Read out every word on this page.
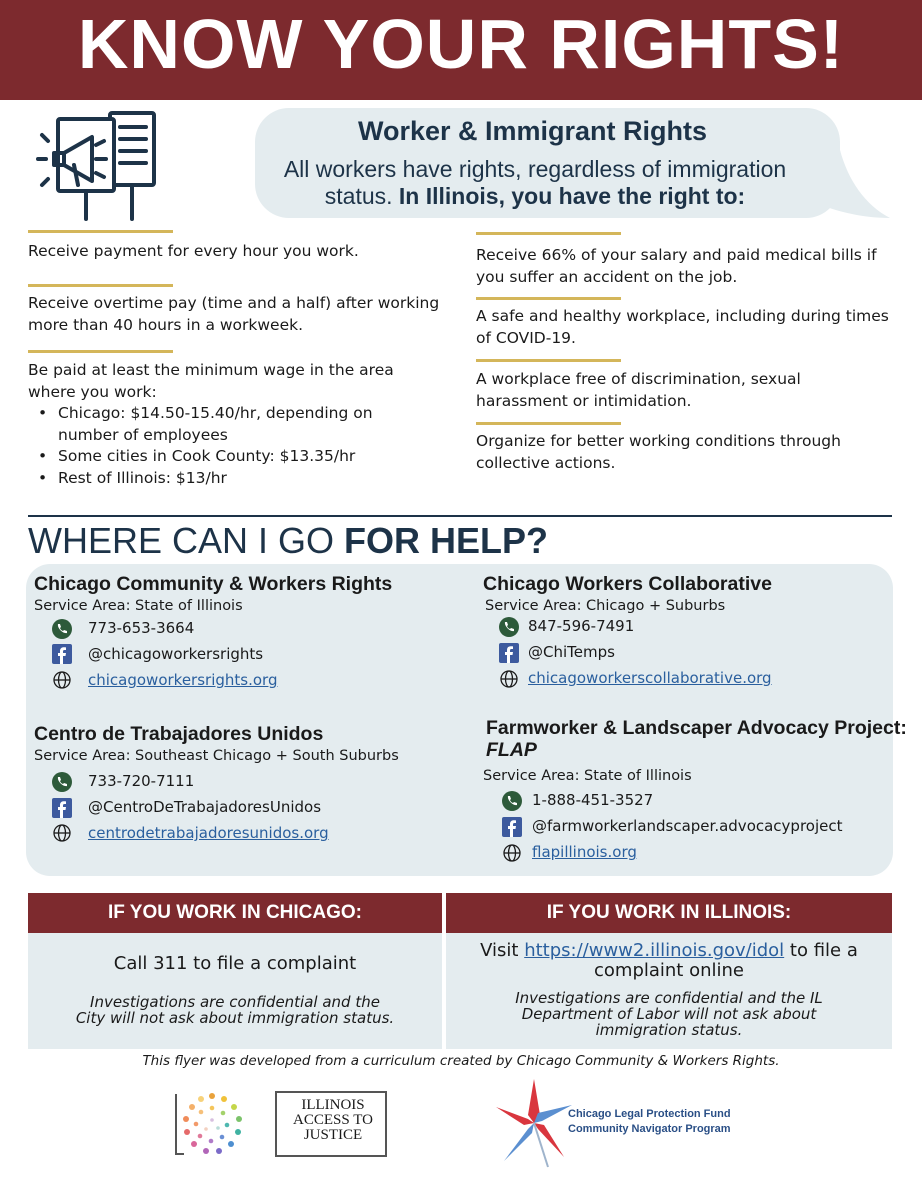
KNOW YOUR RIGHTS!
Worker & Immigrant Rights
All workers have rights, regardless of immigration
status. In Illinois, you have the right to:
Receive payment for every hour you work.
Receive overtime pay (time and a half) after working more than 40 hours in a workweek.
Be paid at least the minimum wage in the area where you work:
• Chicago: $14.50-15.40/hr, depending on number of employees
• Some cities in Cook County: $13.35/hr
• Rest of Illinois: $13/hr
Receive 66% of your salary and paid medical bills if you suffer an accident on the job.
A safe and healthy workplace, including during times of COVID-19.
A workplace free of discrimination, sexual harassment or intimidation.
Organize for better working conditions through collective actions.
WHERE CAN I GO FOR HELP?
Chicago Community & Workers Rights
Service Area: State of Illinois
773-653-3664
@chicagoworkersrights
chicagoworkersrights.org
Chicago Workers Collaborative
Service Area: Chicago + Suburbs
847-596-7491
@ChiTemps
chicagoworkerscollaborative.org
Centro de Trabajadores Unidos
Service Area: Southeast Chicago + South Suburbs
733-720-7111
@CentroDeTrabajadoresUnidos
centrodetrabajadoresunidos.org
Farmworker & Landscaper Advocacy Project:
FLAP
Service Area: State of Illinois
1-888-451-3527
@farmworkerlandscaper.advocacyproject
flapillinois.org
IF YOU WORK IN CHICAGO:	IF YOU WORK IN ILLINOIS:
Call 311 to file a complaint
Investigations are confidential and the
City will not ask about immigration status.
Visit https://www2.illinois.gov/idol to file a
complaint online
Investigations are confidential and the IL
Department of Labor will not ask about
immigration status.
This flyer was developed from a curriculum created by Chicago Community & Workers Rights.
ILLINOIS
ACCESS TO
JUSTICE
Chicago Legal Protection Fund
Community Navigator Program
